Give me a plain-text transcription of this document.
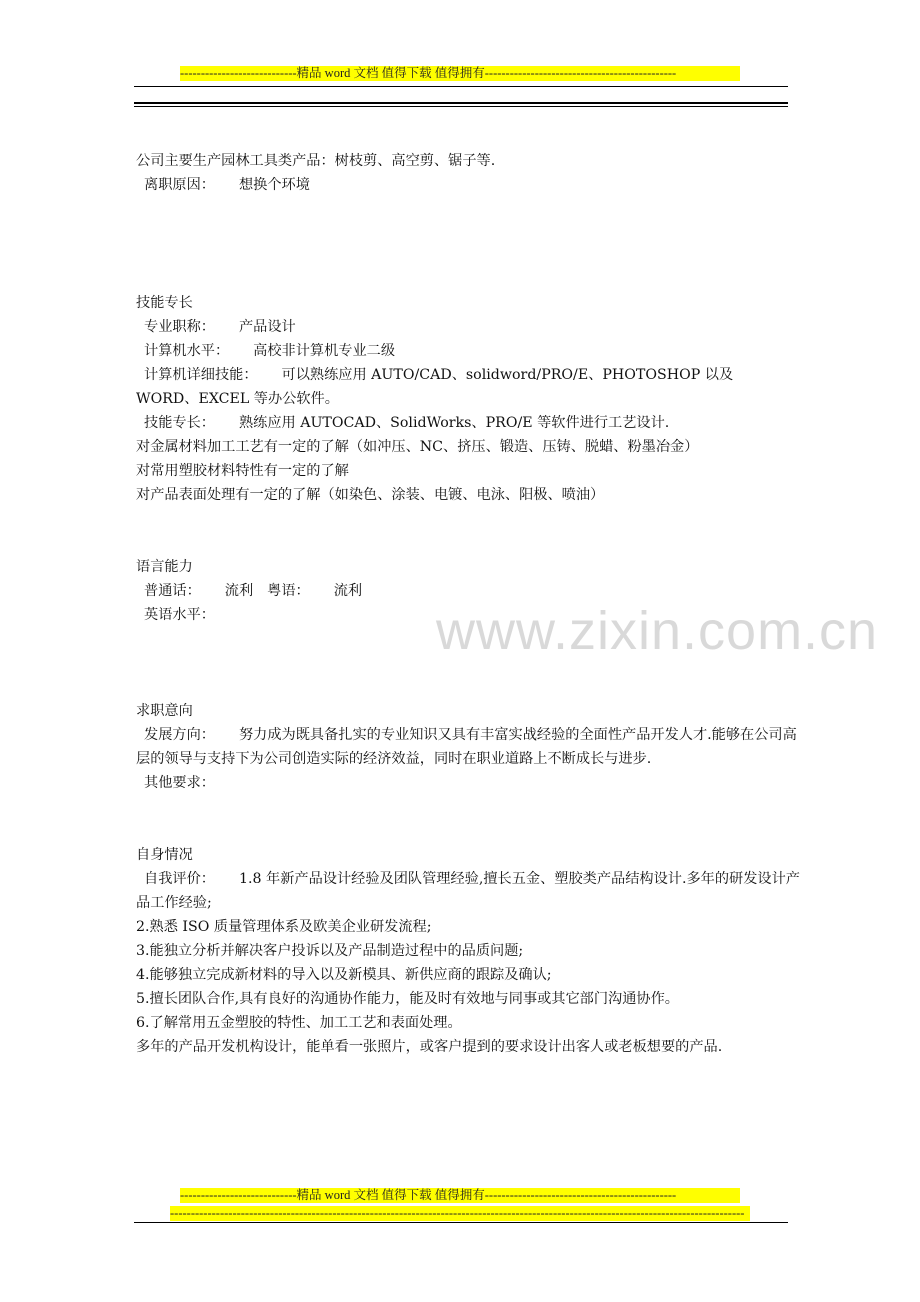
----------------------------精品 word 文档 值得下载 值得拥有----------------------------------------------
www.zixin.com.cn
公司主要生产园林工具类产品：树枝剪、高空剪、锯子等.
离职原因： 想换个环境
技能专长
专业职称： 产品设计
计算机水平： 高校非计算机专业二级
计算机详细技能： 可以熟练应用 AUTO/CAD、solidword/PRO/E、PHOTOSHOP 以及 WORD、EXCEL 等办公软件。
技能专长： 熟练应用 AUTOCAD、SolidWorks、PRO/E 等软件进行工艺设计.
对金属材料加工工艺有一定的了解（如冲压、NC、挤压、锻造、压铸、脱蜡、粉墨冶金）
对常用塑胶材料特性有一定的了解
对产品表面处理有一定的了解（如染色、涂装、电镀、电泳、阳极、喷油）
语言能力
普通话： 流利 粤语： 流利
英语水平：
求职意向
发展方向： 努力成为既具备扎实的专业知识又具有丰富实战经验的全面性产品开发人才.能够在公司高层的领导与支持下为公司创造实际的经济效益，同时在职业道路上不断成长与进步.
其他要求：
自身情况
自我评价： 1.8 年新产品设计经验及团队管理经验,擅长五金、塑胶类产品结构设计.多年的研发设计产品工作经验;
2.熟悉 ISO 质量管理体系及欧美企业研发流程;
3.能独立分析并解决客户投诉以及产品制造过程中的品质问题;
4.能够独立完成新材料的导入以及新模具、新供应商的跟踪及确认;
5.擅长团队合作,具有良好的沟通协作能力，能及时有效地与同事或其它部门沟通协作。
6.了解常用五金塑胶的特性、加工工艺和表面处理。
多年的产品开发机构设计，能单看一张照片，或客户提到的要求设计出客人或老板想要的产品.
----------------------------精品 word 文档 值得下载 值得拥有----------------------------------------------
------------------------------------------------------------------------------------------------------------------------------------------
